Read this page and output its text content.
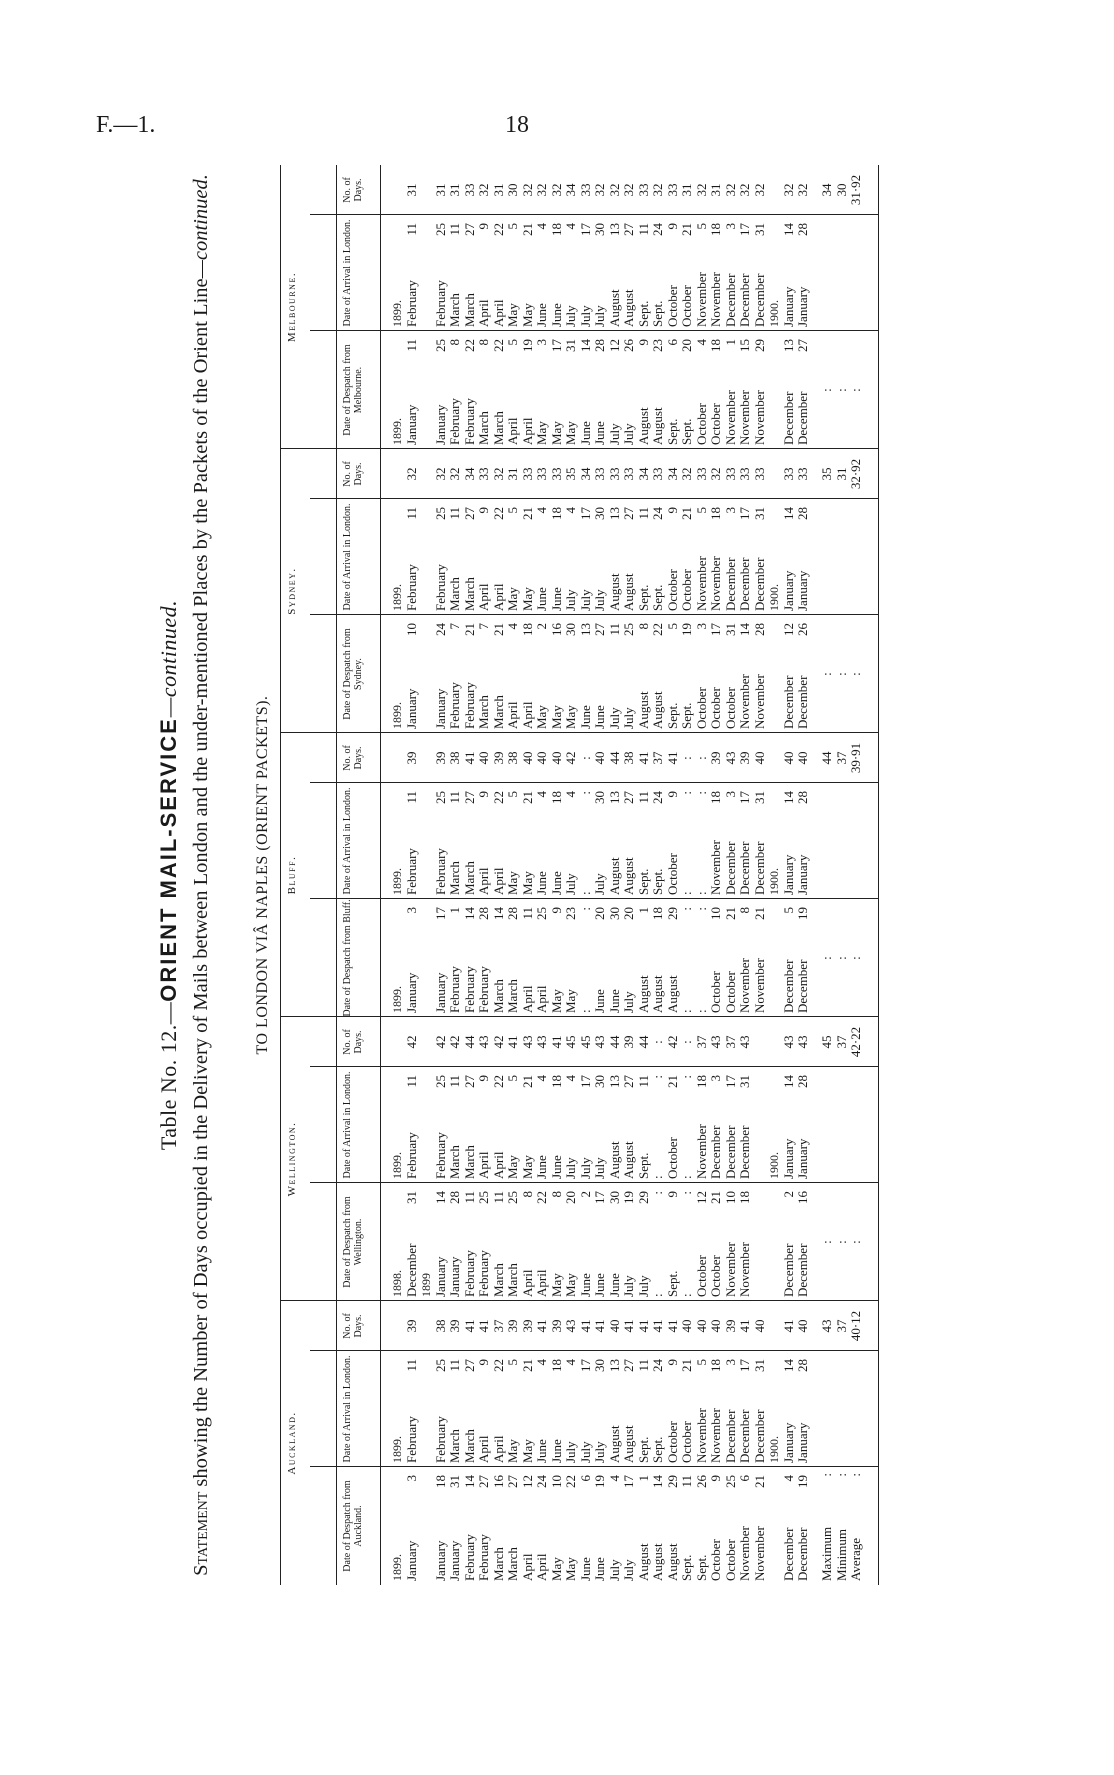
F.—1.	18
Table No. 12.—ORIENT MAIL-SERVICE—continued.
Statement showing the Number of Days occupied in the Delivery of Mails between London and the under-mentioned Places by the Packets of the Orient Line—continued.
TO LONDON VIÂ NAPLES (ORIENT PACKETS).
Auckland.
Date of Despatch from Auckland.
Date of Arrival in London.
No. of Days.
1899. January
3
January
18
January
31
February
14
February
27
March
16
March
27
April
12
April
24
May
10
May
22
June
6
June
19
July
4
July
17
August
1
August
14
August
29
Sept.
11
Sept.
26
October
9
October
25
November
6
November
21
December
4
December
19
1899. February
11
February
25
March
11
March
27
April
9
April
22
May
5
May
21
June
4
June
18
July
4
July
17
July
30
August
13
August
27
Sept.
11
Sept.
24
October
9
October
21
November
5
November
18
December
3
December
17
December
31
1900. January
14
January
28
39 38 39 41 41 37 39 39 41 39 43 41 41 40 41 41 41 41 40 40 40 39 41 40 41 40
Maximum
:
Minimum
:
Average
:
43 37 40·12
Wellington.
Date of Despatch from Wellington.
Date of Arrival in London.
No. of Days.
1898. December
31
1899 January
14
January
28
February
11
February
25
March
11
March
25
April
8
April
22
May
8
May
20
June
2
June
17
June
30
July
19
July
29
:
:
Sept.
9
:
:
October
12
October
21
November
10
November
18
December
2
December
16
1899. February
11
February
25
March
11
March
27
April
9
April
22
May
5
May
21
June
4
June
18
July
4
July
17
July
30
August
13
August
27
Sept.
11
:
:
October
21
:
:
November
18
December
3
December
17
December
31
1900. January
14
January
28
42 42 42 44 43 42 41 43 43 41 45 45 43 44 39 44 : 42 : 37 43 37 43 43 43
: : :
45 37 42·22
Bluff.
Date of Despatch from Bluff.
Date of Arrival in London.
No. of Days.
1899. January
3
January
17
February
1
February
14
February
28
March
14
March
28
April
11
April
25
May
9
May
23
:
:
June
20
June
30
July
20
August
1
August
18
August
29
:
:
:
:
October
10
October
21
November
8
November
21
December
5
December
19
1899. February
11
February
25
March
11
March
27
April
9
April
22
May
5
May
21
June
4
June
18
July
4
:
:
July
30
August
13
August
27
Sept.
11
Sept.
24
October
9
:
:
:
:
November
18
December
3
December
17
December
31
1900. January
14
January
28
39 39 38 41 40 39 38 40 40 40 42 : 40 44 38 41 37 41 : : 39 43 39 40 40 40
: : :
44 37 39·91
Sydney.
Date of Despatch from Sydney.
Date of Arrival in London.
No. of Days.
1899. January
10
January
24
February
7
February
21
March
7
March
21
April
4
April
18
May
2
May
16
May
30
June
13
June
27
July
11
July
25
August
8
August
22
Sept.
5
Sept.
19
October
3
October
17
October
31
November
14
November
28
December
12
December
26
1899. February
11
February
25
March
11
March
27
April
9
April
22
May
5
May
21
June
4
June
18
July
4
July
17
July
30
August
13
August
27
Sept.
11
Sept.
24
October
9
October
21
November
5
November
18
December
3
December
17
December
31
1900. January
14
January
28
32 32 32 34 33 32 31 33 33 33 35 34 33 33 33 34 33 34 32 33 32 33 33 33 33 33
: : :
35 31 32·92
Melbourne.
Date of Despatch from Melbourne.
Date of Arrival in London.
No. of Days.
1899. January
11
January
25
February
8
February
22
March
8
March
22
April
5
April
19
May
3
May
17
May
31
June
14
June
28
July
12
July
26
August
9
August
23
Sept.
6
Sept.
20
October
4
October
18
November
1
November
15
November
29
December
13
December
27
1899. February
11
February
25
March
11
March
27
April
9
April
22
May
5
May
21
June
4
June
18
July
4
July
17
July
30
August
13
August
27
Sept.
11
Sept.
24
October
9
October
21
November
5
November
18
December
3
December
17
December
31
1900. January
14
January
28
31 31 31 33 32 31 30 32 32 32 34 33 32 32 32 33 32 33 31 32 31 32 32 32 32 32
: : :
34 30 31·92
